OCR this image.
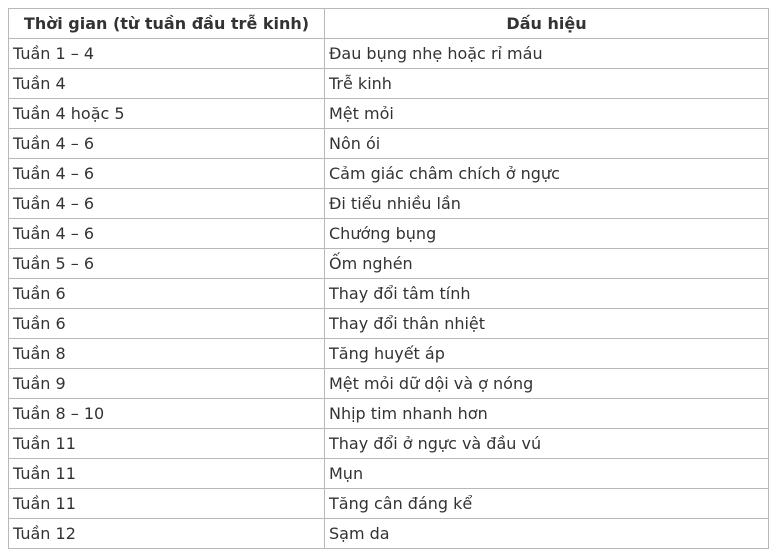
Thời gian (từ tuần đầu trễ kinh)	Dấu hiệu
Tuần 1 – 4	Đau bụng nhẹ hoặc rỉ máu
Tuần 4	Trễ kinh
Tuần 4 hoặc 5	Mệt mỏi
Tuần 4 – 6	Nôn ói
Tuần 4 – 6	Cảm giác châm chích ở ngực
Tuần 4 – 6	Đi tiểu nhiều lần
Tuần 4 – 6	Chướng bụng
Tuần 5 – 6	Ốm nghén
Tuần 6	Thay đổi tâm tính
Tuần 6	Thay đổi thân nhiệt
Tuần 8	Tăng huyết áp
Tuần 9	Mệt mỏi dữ dội và ợ nóng
Tuần 8 – 10	Nhịp tim nhanh hơn
Tuần 11	Thay đổi ở ngực và đầu vú
Tuần 11	Mụn
Tuần 11	Tăng cân đáng kể
Tuần 12	Sạm da
